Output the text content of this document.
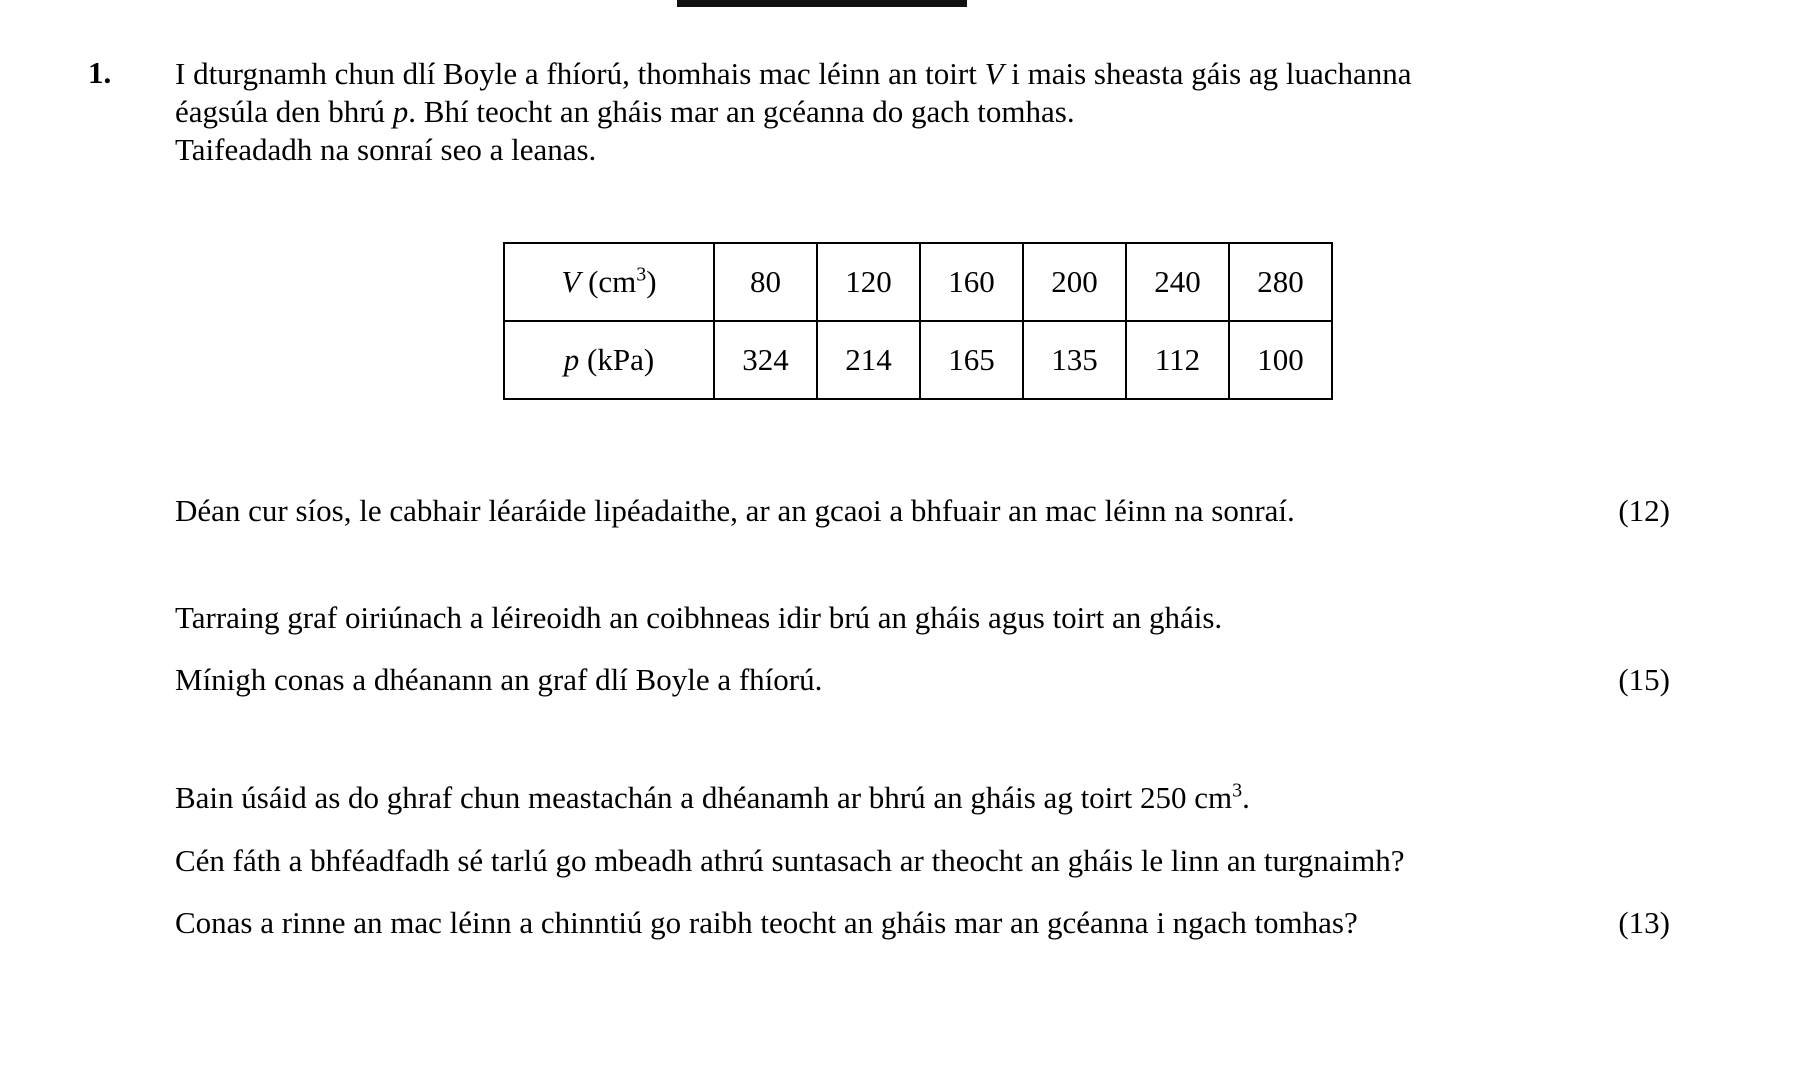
1. I dturgnamh chun dlí Boyle a fhíorú, thomhais mac léinn an toirt V i mais sheasta gáis ag luachanna
éagsúla den bhrú p. Bhí teocht an gháis mar an gcéanna do gach tomhas.
Taifeadadh na sonraí seo a leanas.
V $(cm^3)$	80	120	160	200	240	280
p (kPa)	324	214	165	135	112	100
Déan cur síos, le cabhair léaráide lipéadaithe, ar an gcaoi a bhfuair an mac léinn na sonraí.	(12)
Tarraing graf oiriúnach a léireoidh an coibhneas idir brú an gháis agus toirt an gháis.
Mínigh conas a dhéanann an graf dlí Boyle a fhíorú.	(15)
Bain úsáid as do ghraf chun meastachán a dhéanamh ar bhrú an gháis ag toirt 250 $cm^3$.
Cén fáth a bhféadfadh sé tarlú go mbeadh athrú suntasach ar theocht an gháis le linn an turgnaimh?
Conas a rinne an mac léinn a chinntiú go raibh teocht an gháis mar an gcéanna i ngach tomhas?	(13)
